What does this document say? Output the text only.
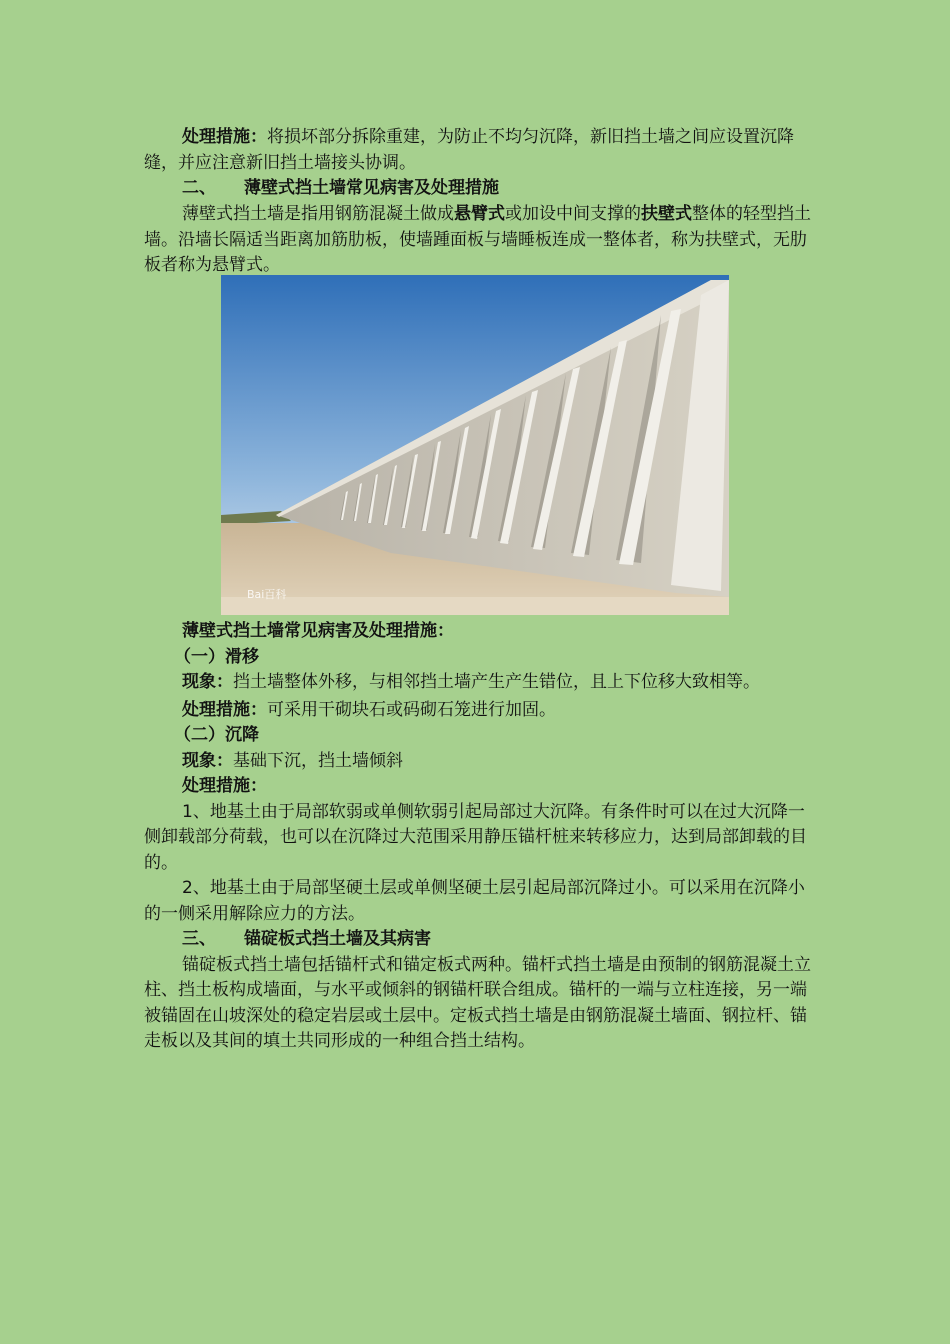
处理措施：将损坏部分拆除重建，为防止不均匀沉降，新旧挡土墙之间应设置沉降缝，并应注意新旧挡土墙接头协调。

二、 薄壁式挡土墙常见病害及处理措施

薄壁式挡土墙是指用钢筋混凝土做成悬臂式或加设中间支撑的扶壁式整体的轻型挡土墙。沿墙长隔适当距离加筋肋板，使墙踵面板与墙睡板连成一整体者，称为扶壁式，无肋板者称为悬臂式。

Bai百科

薄壁式挡土墙常见病害及处理措施：

（一）滑移

现象：挡土墙整体外移，与相邻挡土墙产生产生错位，且上下位移大致相等。

处理措施：可采用干砌块石或码砌石笼进行加固。

（二）沉降

现象：基础下沉，挡土墙倾斜

处理措施：

1、地基土由于局部软弱或单侧软弱引起局部过大沉降。有条件时可以在过大沉降一侧卸载部分荷载，也可以在沉降过大范围采用静压锚杆桩来转移应力，达到局部卸载的目的。

2、地基土由于局部坚硬土层或单侧坚硬土层引起局部沉降过小。可以采用在沉降小的一侧采用解除应力的方法。

三、 锚碇板式挡土墙及其病害

锚碇板式挡土墙包括锚杆式和锚定板式两种。锚杆式挡土墙是由预制的钢筋混凝土立柱、挡土板构成墙面，与水平或倾斜的钢锚杆联合组成。锚杆的一端与立柱连接，另一端被锚固在山坡深处的稳定岩层或土层中。定板式挡土墙是由钢筋混凝土墙面、钢拉杆、锚走板以及其间的填土共同形成的一种组合挡土结构。
